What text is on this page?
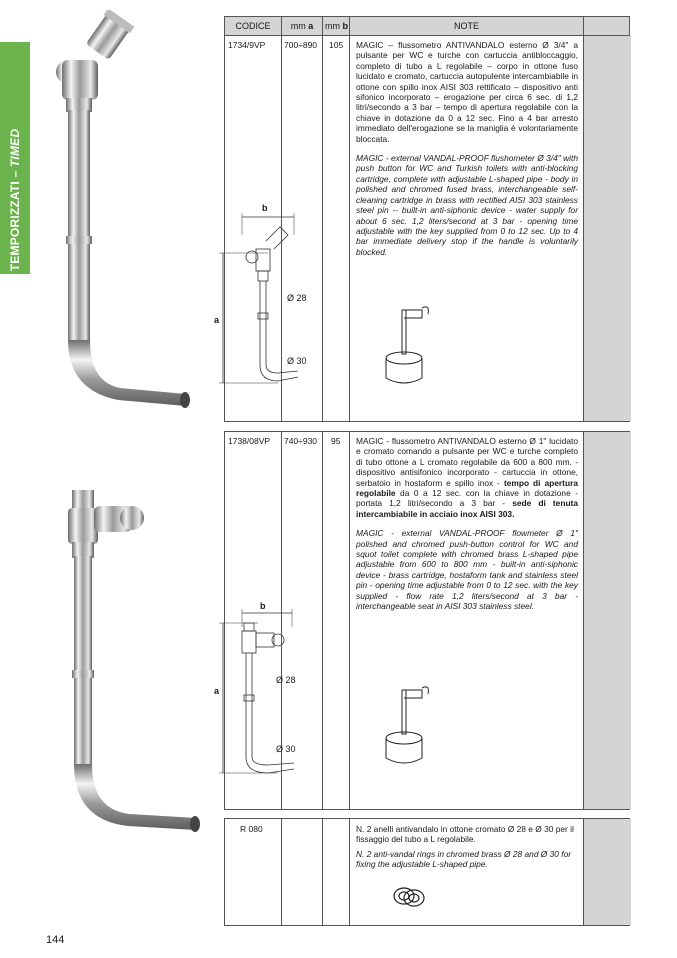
TEMPORIZZATI – TIMED
CODICE	mm a	mm b	NOTE
1734/9VP 700÷890 105 MAGIC – flussometro ANTIVANDALO esterno Ø 3/4" a pulsante per WC e turche con cartuccia antibloccaggio, completo di tubo a L regolabile – corpo in ottone fuso lucidato e cromato, cartuccia autopulente intercambiabile in ottone con spillo inox AISI 303 rettificato – dispositivo anti sifonico incorporato – erogazione per circa 6 sec. di 1,2 litri/secondo a 3 bar – tempo di apertura regolabile con la chiave in dotazione da 0 a 12 sec. Fino a 4 bar arresto immediato dell'erogazione se la maniglia è volontariamente bloccata.

MAGIC - external VANDAL-PROOF flushometer Ø 3/4" with push button for WC and Turkish toilets with anti-blocking cartridge, complete with adjustable L-shaped pipe - body in polished and chromed fused brass, interchangeable self-cleaning cartridge in brass with rectified AISI 303 stainless steel pin -- built-in anti-siphonic device - water supply for about 6 sec. 1,2 liters/second at 3 bar - opening time adjustable with the key supplied from 0 to 12 sec. Up to 4 bar immediate delivery stop if the handle is voluntarily blocked.

b
a
Ø 28
Ø 30
1738/08VP 740÷930 95 MAGIC - flussometro ANTIVANDALO esterno Ø 1" lucidato e cromato comando a pulsante per WC e turche completo di tubo ottone a L cromato regolabile da 600 a 800 mm. - dispositivo antisifonico incorporato - cartuccia in ottone, serbatoio in hostaform e spillo inox - tempo di apertura regolabile da 0 a 12 sec. con la chiave in dotazione - portata 1,2 litri/secondo a 3 bar - sede di tenuta intercambiabile in acciaio inox AISI 303.

MAGIC - external VANDAL-PROOF flowmeter Ø 1" polished and chromed push-button control for WC and squot toilet complete with chromed brass L-shaped pipe adjustable from 600 to 800 mm - built-in anti-siphonic device - brass cartridge, hostaform tank and stainless steel pin - opening time adjustable from 0 to 12 sec. with the key supplied - flow rate 1,2 liters/second at 3 bar - interchangeable seat in AISI 303 stainless steel.

b
a
Ø 28
Ø 30
R 080	N. 2 anelli antivandalo in ottone cromato Ø 28 e Ø 30 per il fissaggio del tubo a L regolabile.

N. 2 anti-vandal rings in chromed brass Ø 28 and Ø 30 for fixing the adjustable L-shaped pipe.

144
